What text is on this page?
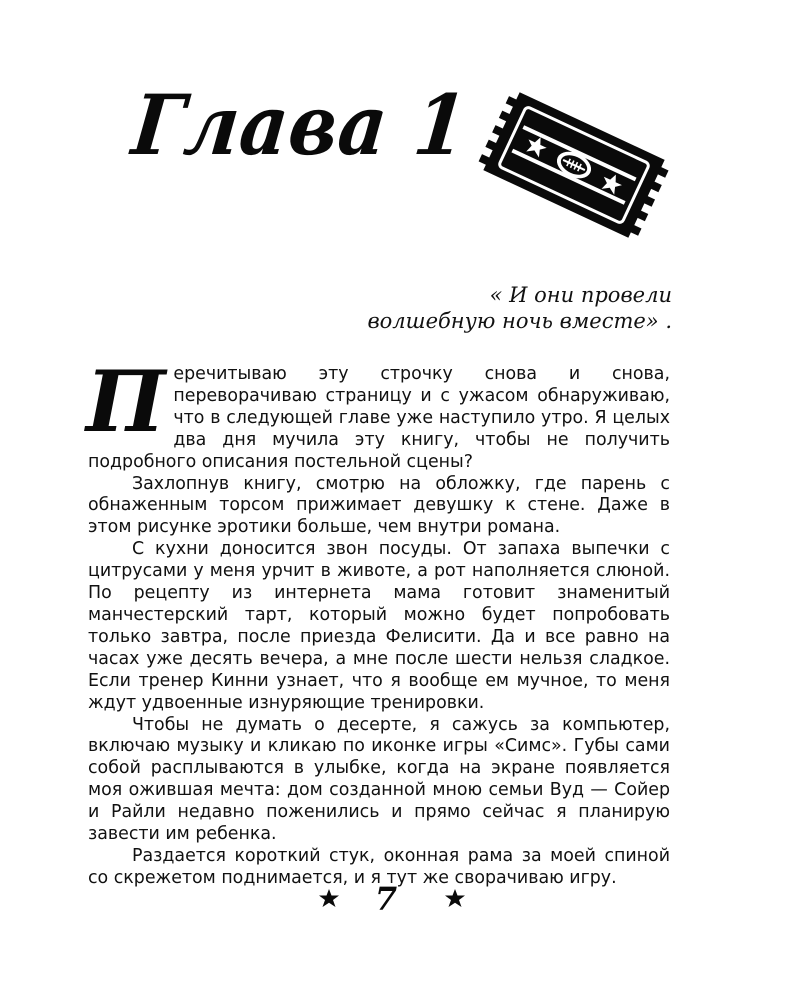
Глава 1
« И они провели
волшебную ночь вместе» .

Перечитываю эту строчку снова и снова, переворачиваю страницу и с ужасом обнаруживаю, что в следующей главе уже наступило утро. Я целых два дня мучила эту книгу, чтобы не получить подробного описания постельной сцены?

Захлопнув книгу, смотрю на обложку, где парень с обнаженным торсом прижимает девушку к стене. Даже в этом рисунке эротики больше, чем внутри романа.

С кухни доносится звон посуды. От запаха выпечки с цитрусами у меня урчит в животе, а рот наполняется слюной. По рецепту из интернета мама готовит знаменитый манчестерский тарт, который можно будет попробовать только завтра, после приезда Фелисити. Да и все равно на часах уже десять вечера, а мне после шести нельзя сладкое. Если тренер Кинни узнает, что я вообще ем мучное, то меня ждут удвоенные изнуряющие тренировки.

Чтобы не думать о десерте, я сажусь за компьютер, включаю музыку и кликаю по иконке игры «Симс». Губы сами собой расплываются в улыбке, когда на экране появляется моя ожившая мечта: дом созданной мною семьи Вуд — Сойер и Райли недавно поженились и прямо сейчас я планирую завести им ребенка.

Раздается короткий стук, оконная рама за моей спиной со скрежетом поднимается, и я тут же сворачиваю игру.

7
